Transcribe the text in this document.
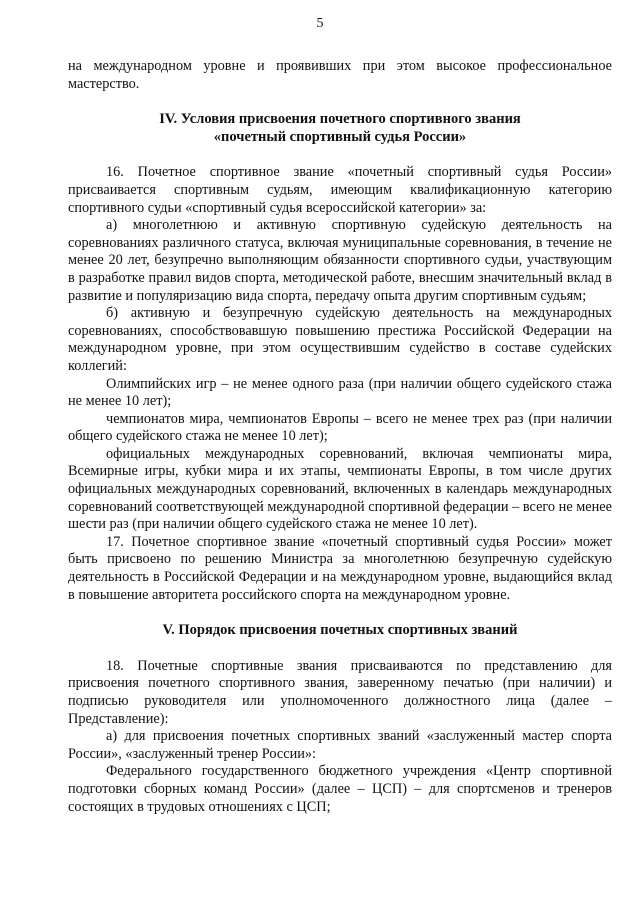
5

на международном уровне и проявивших при этом высокое профессиональное мастерство.

IV. Условия присвоения почетного спортивного звания
«почетный спортивный судья России»

16. Почетное спортивное звание «почетный спортивный судья России» присваивается спортивным судьям, имеющим квалификационную категорию спортивного судьи «спортивный судья всероссийской категории» за:

а) многолетнюю и активную спортивную судейскую деятельность на соревнованиях различного статуса, включая муниципальные соревнования, в течение не менее 20 лет, безупречно выполняющим обязанности спортивного судьи, участвующим в разработке правил видов спорта, методической работе, внесшим значительный вклад в развитие и популяризацию вида спорта, передачу опыта другим спортивным судьям;

б) активную и безупречную судейскую деятельность на международных соревнованиях, способствовавшую повышению престижа Российской Федерации на международном уровне, при этом осуществившим судейство в составе судейских коллегий:

Олимпийских игр – не менее одного раза (при наличии общего судейского стажа не менее 10 лет);

чемпионатов мира, чемпионатов Европы – всего не менее трех раз (при наличии общего судейского стажа не менее 10 лет);

официальных международных соревнований, включая чемпионаты мира, Всемирные игры, кубки мира и их этапы, чемпионаты Европы, в том числе других официальных международных соревнований, включенных в календарь международных соревнований соответствующей международной спортивной федерации – всего не менее шести раз (при наличии общего судейского стажа не менее 10 лет).

17. Почетное спортивное звание «почетный спортивный судья России» может быть присвоено по решению Министра за многолетнюю безупречную судейскую деятельность в Российской Федерации и на международном уровне, выдающийся вклад в повышение авторитета российского спорта на международном уровне.

V. Порядок присвоения почетных спортивных званий

18. Почетные спортивные звания присваиваются по представлению для присвоения почетного спортивного звания, заверенному печатью (при наличии) и подписью руководителя или уполномоченного должностного лица (далее – Представление):

а) для присвоения почетных спортивных званий «заслуженный мастер спорта России», «заслуженный тренер России»:

Федерального государственного бюджетного учреждения «Центр спортивной подготовки сборных команд России» (далее – ЦСП) – для спортсменов и тренеров состоящих в трудовых отношениях с ЦСП;
